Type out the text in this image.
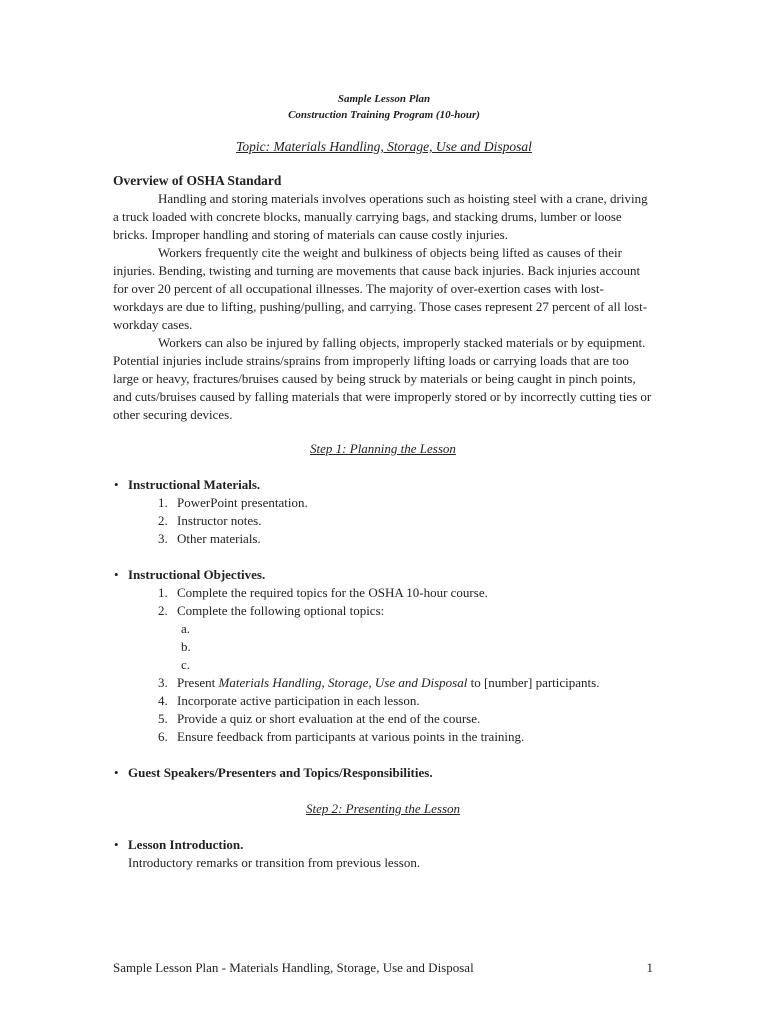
Sample Lesson Plan
Construction Training Program (10-hour)
Topic: Materials Handling, Storage, Use and Disposal

Overview of OSHA Standard

Handling and storing materials involves operations such as hoisting steel with a crane, driving a truck loaded with concrete blocks, manually carrying bags, and stacking drums, lumber or loose bricks. Improper handling and storing of materials can cause costly injuries.

Workers frequently cite the weight and bulkiness of objects being lifted as causes of their injuries. Bending, twisting and turning are movements that cause back injuries. Back injuries account for over 20 percent of all occupational illnesses. The majority of over-exertion cases with lost-workdays are due to lifting, pushing/pulling, and carrying. Those cases represent 27 percent of all lost-workday cases.

Workers can also be injured by falling objects, improperly stacked materials or by equipment. Potential injuries include strains/sprains from improperly lifting loads or carrying loads that are too large or heavy, fractures/bruises caused by being struck by materials or being caught in pinch points, and cuts/bruises caused by falling materials that were improperly stored or by incorrectly cutting ties or other securing devices.

Step 1: Planning the Lesson

• Instructional Materials.

1. PowerPoint presentation.
2. Instructor notes.
3. Other materials.

• Instructional Objectives.

1. Complete the required topics for the OSHA 10-hour course.
2. Complete the following optional topics:
a.
b.
c.
3. Present Materials Handling, Storage, Use and Disposal to [number] participants.
4. Incorporate active participation in each lesson.
5. Provide a quiz or short evaluation at the end of the course.
6. Ensure feedback from participants at various points in the training.

• Guest Speakers/Presenters and Topics/Responsibilities.

Step 2: Presenting the Lesson

• Lesson Introduction.

Introductory remarks or transition from previous lesson.

Sample Lesson Plan - Materials Handling, Storage, Use and Disposal	1
